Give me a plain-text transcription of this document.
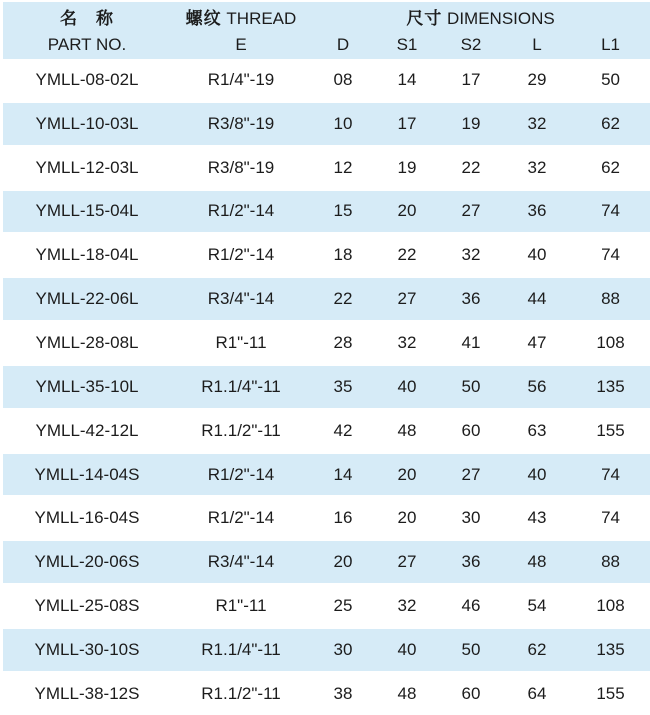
名　称	螺纹 THREAD	尺寸 DIMENSIONS				
PART NO.	E	D	S1	S2	L	L1
YMLL-08-02L	R1/4"-19	08	14	17	29	50
YMLL-10-03L	R3/8"-19	10	17	19	32	62
YMLL-12-03L	R3/8"-19	12	19	22	32	62
YMLL-15-04L	R1/2"-14	15	20	27	36	74
YMLL-18-04L	R1/2"-14	18	22	32	40	74
YMLL-22-06L	R3/4"-14	22	27	36	44	88
YMLL-28-08L	R1"-11	28	32	41	47	108
YMLL-35-10L	R1.1/4"-11	35	40	50	56	135
YMLL-42-12L	R1.1/2"-11	42	48	60	63	155
YMLL-14-04S	R1/2"-14	14	20	27	40	74
YMLL-16-04S	R1/2"-14	16	20	30	43	74
YMLL-20-06S	R3/4"-14	20	27	36	48	88
YMLL-25-08S	R1"-11	25	32	46	54	108
YMLL-30-10S	R1.1/4"-11	30	40	50	62	135
YMLL-38-12S	R1.1/2"-11	38	48	60	64	155
